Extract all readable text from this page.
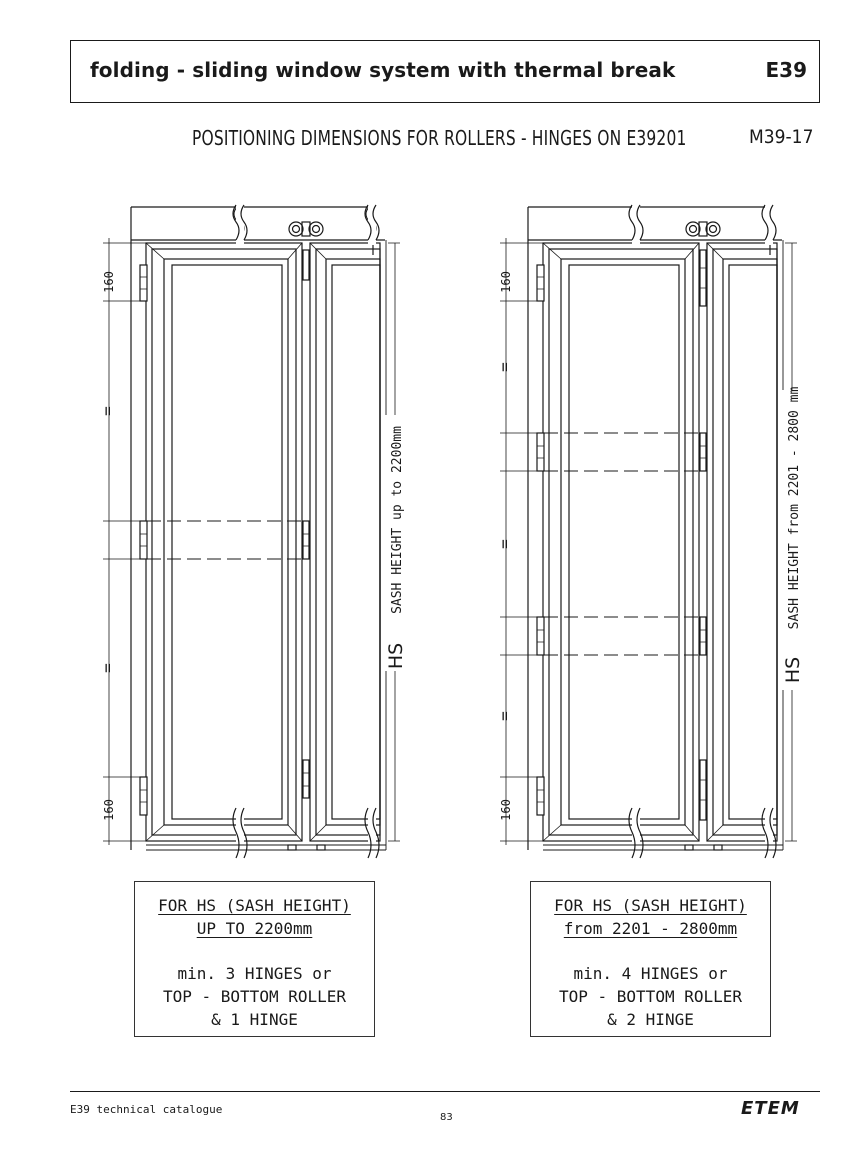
folding - sliding window system with thermal break	E39
POSITIONING DIMENSIONS FOR ROLLERS - HINGES ON E39201	M39-17
160
160
=
=
160
160
=
=
=
HS
SASH HEIGHT up to 2200mm
HS
SASH HEIGHT from 2201 - 2800 mm
FOR HS (SASH HEIGHT)
UP TO 2200mm
min. 3 HINGES or
TOP - BOTTOM ROLLER
& 1 HINGE
FOR HS (SASH HEIGHT)
from 2201 - 2800mm
min. 4 HINGES or
TOP - BOTTOM ROLLER
& 2 HINGE
E39 technical catalogue
83	ETEM
